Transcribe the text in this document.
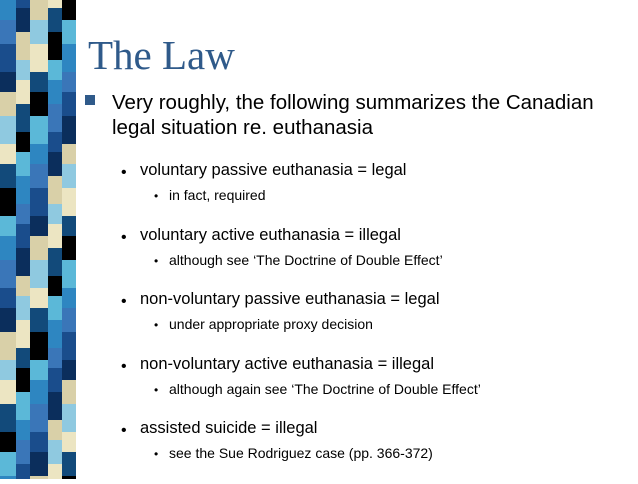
The Law
Very roughly, the following summarizes the Canadian legal situation re. euthanasia
• voluntary passive euthanasia = legal
• in fact, required
• voluntary active euthanasia = illegal
• although see ‘The Doctrine of Double Effect’
• non-voluntary passive euthanasia = legal
• under appropriate proxy decision
• non-voluntary active euthanasia = illegal
• although again see ‘The Doctrine of Double Effect’
• assisted suicide = illegal
• see the Sue Rodriguez case (pp. 366-372)
